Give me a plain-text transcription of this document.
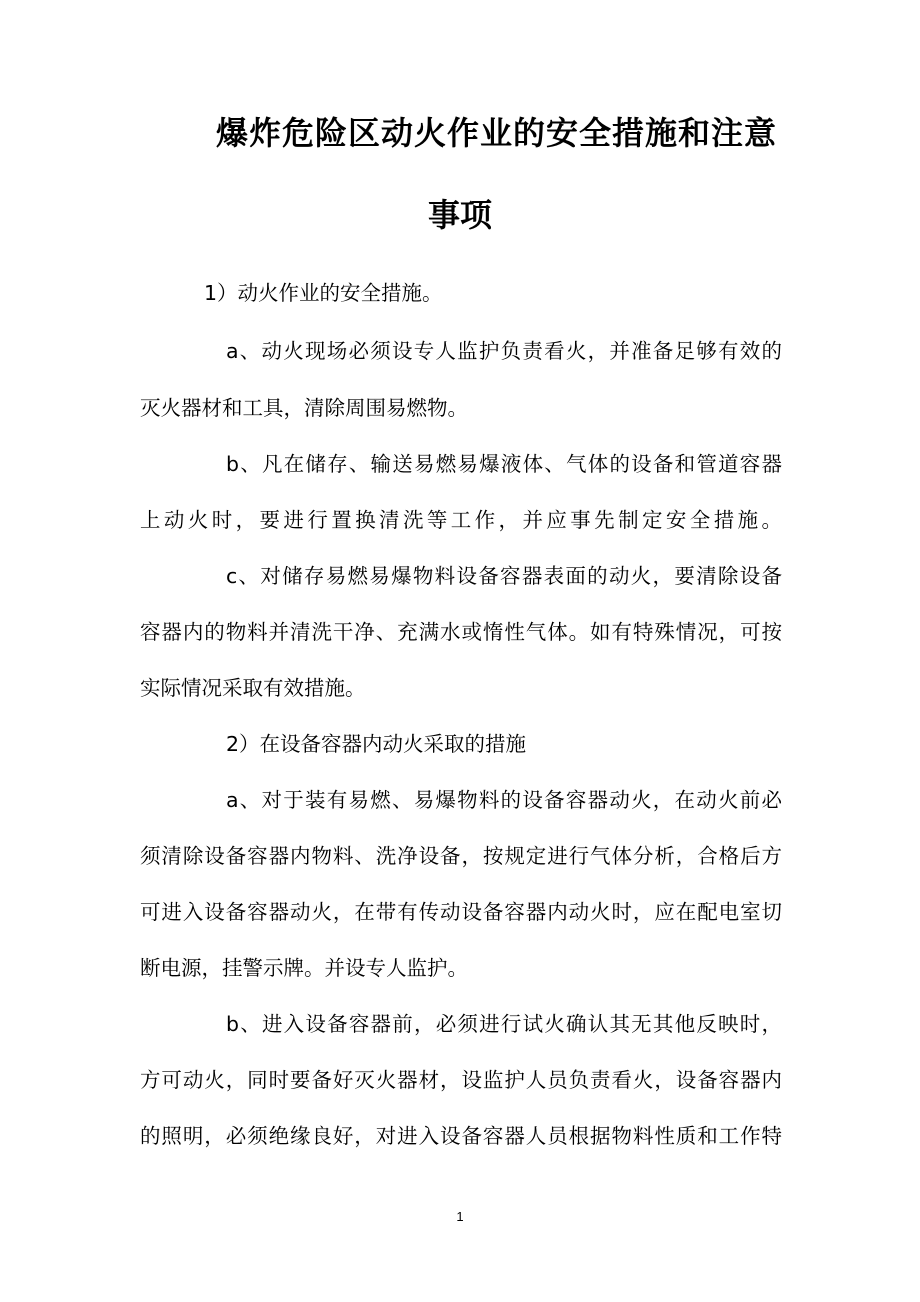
爆炸危险区动火作业的安全措施和注意
事项
1）动火作业的安全措施。
a、动火现场必须设专人监护负责看火，并准备足够有效的
灭火器材和工具，清除周围易燃物。
b、凡在储存、输送易燃易爆液体、气体的设备和管道容器
上动火时，要进行置换清洗等工作，并应事先制定安全措施。
c、对储存易燃易爆物料设备容器表面的动火，要清除设备
容器内的物料并清洗干净、充满水或惰性气体。如有特殊情况，可按
实际情况采取有效措施。
2）在设备容器内动火采取的措施
a、对于装有易燃、易爆物料的设备容器动火，在动火前必
须清除设备容器内物料、洗净设备，按规定进行气体分析，合格后方
可进入设备容器动火，在带有传动设备容器内动火时，应在配电室切
断电源，挂警示牌。并设专人监护。
b、进入设备容器前，必须进行试火确认其无其他反映时，
方可动火，同时要备好灭火器材，设监护人员负责看火，设备容器内
的照明，必须绝缘良好，对进入设备容器人员根据物料性质和工作特
1
